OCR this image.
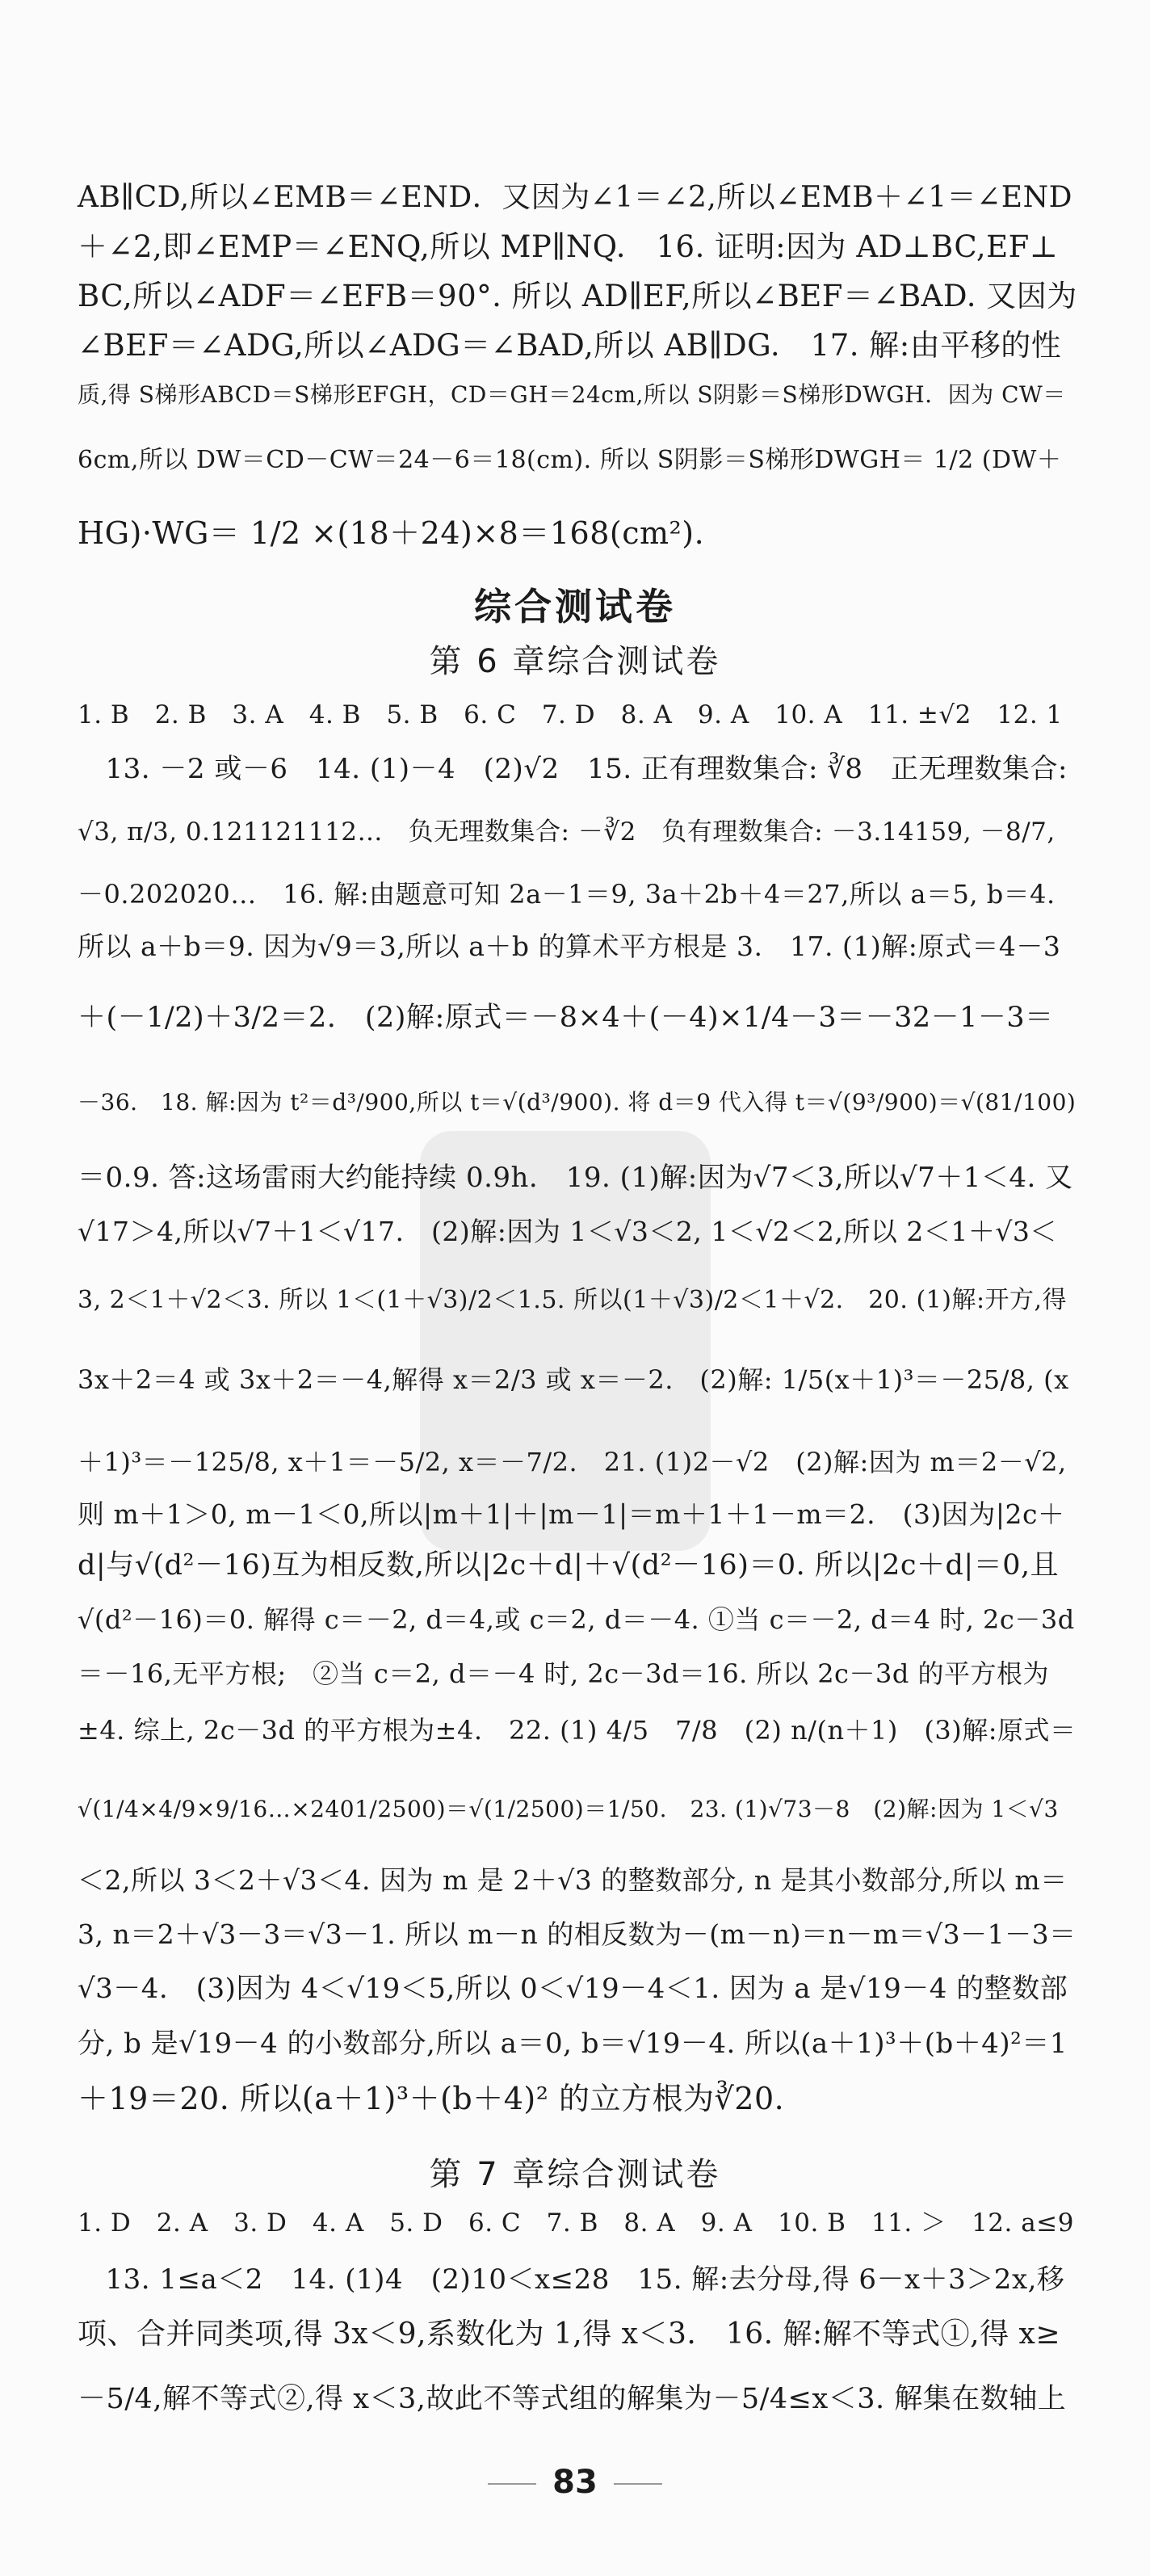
AB∥CD,所以∠EMB＝∠END．又因为∠1＝∠2,所以∠EMB＋∠1＝∠END
＋∠2,即∠EMP＝∠ENQ,所以 MP∥NQ.　16. 证明:因为 AD⊥BC,EF⊥
BC,所以∠ADF＝∠EFB＝90°. 所以 AD∥EF,所以∠BEF＝∠BAD. 又因为
∠BEF＝∠ADG,所以∠ADG＝∠BAD,所以 AB∥DG.　17. 解:由平移的性
质,得 S梯形ABCD＝S梯形EFGH，CD＝GH＝24cm,所以 S阴影＝S梯形DWGH．因为 CW＝
6cm,所以 DW＝CD－CW＝24－6＝18(cm). 所以 S阴影＝S梯形DWGH＝ 1/2 (DW＋
HG)·WG＝ 1/2 ×(18＋24)×8＝168(cm²).
综合测试卷
第 6 章综合测试卷
1. B　2. B　3. A　4. B　5. B　6. C　7. D　8. A　9. A　10. A　11. ±√2　12. 1
　13. －2 或－6　14. (1)－4　(2)√2　15. 正有理数集合: ∛8　正无理数集合:
√3, π/3, 0.121121112…　负无理数集合: －∛2　负有理数集合: －3.14159, －8/7,
－0.202020…　16. 解:由题意可知 2a－1＝9, 3a＋2b＋4＝27,所以 a＝5, b＝4.
所以 a＋b＝9. 因为√9＝3,所以 a＋b 的算术平方根是 3.　17. (1)解:原式＝4－3
＋(－1/2)＋3/2＝2.　(2)解:原式＝－8×4＋(－4)×1/4－3＝－32－1－3＝
－36.　18. 解:因为 t²＝d³/900,所以 t＝√(d³/900). 将 d＝9 代入得 t＝√(9³/900)＝√(81/100)
＝0.9. 答:这场雷雨大约能持续 0.9h.　19. (1)解:因为√7＜3,所以√7＋1＜4. 又
√17＞4,所以√7＋1＜√17.　(2)解:因为 1＜√3＜2, 1＜√2＜2,所以 2＜1＋√3＜
3, 2＜1＋√2＜3. 所以 1＜(1＋√3)/2＜1.5. 所以(1＋√3)/2＜1＋√2.　20. (1)解:开方,得
3x＋2＝4 或 3x＋2＝－4,解得 x＝2/3 或 x＝－2.　(2)解: 1/5(x＋1)³＝－25/8, (x
＋1)³＝－125/8, x＋1＝－5/2, x＝－7/2.　21. (1)2－√2　(2)解:因为 m＝2－√2,
则 m＋1＞0, m－1＜0,所以|m＋1|＋|m－1|＝m＋1＋1－m＝2.　(3)因为|2c＋
d|与√(d²－16)互为相反数,所以|2c＋d|＋√(d²－16)＝0. 所以|2c＋d|＝0,且
√(d²－16)＝0. 解得 c＝－2, d＝4,或 c＝2, d＝－4. ①当 c＝－2, d＝4 时, 2c－3d
＝－16,无平方根;　②当 c＝2, d＝－4 时, 2c－3d＝16. 所以 2c－3d 的平方根为
±4. 综上, 2c－3d 的平方根为±4.　22. (1) 4/5　7/8　(2) n/(n＋1)　(3)解:原式＝
√(1/4×4/9×9/16…×2401/2500)＝√(1/2500)＝1/50.　23. (1)√73－8　(2)解:因为 1＜√3
＜2,所以 3＜2＋√3＜4. 因为 m 是 2＋√3 的整数部分, n 是其小数部分,所以 m＝
3, n＝2＋√3－3＝√3－1. 所以 m－n 的相反数为－(m－n)＝n－m＝√3－1－3＝
√3－4.　(3)因为 4＜√19＜5,所以 0＜√19－4＜1. 因为 a 是√19－4 的整数部
分, b 是√19－4 的小数部分,所以 a＝0, b＝√19－4. 所以(a＋1)³＋(b＋4)²＝1
＋19＝20. 所以(a＋1)³＋(b＋4)² 的立方根为∛20.
第 7 章综合测试卷
1. D　2. A　3. D　4. A　5. D　6. C　7. B　8. A　9. A　10. B　11. ＞　12. a≤9
　13. 1≤a＜2　14. (1)4　(2)10＜x≤28　15. 解:去分母,得 6－x＋3＞2x,移
项、合并同类项,得 3x＜9,系数化为 1,得 x＜3.　16. 解:解不等式①,得 x≥
－5/4,解不等式②,得 x＜3,故此不等式组的解集为－5/4≤x＜3. 解集在数轴上
83
